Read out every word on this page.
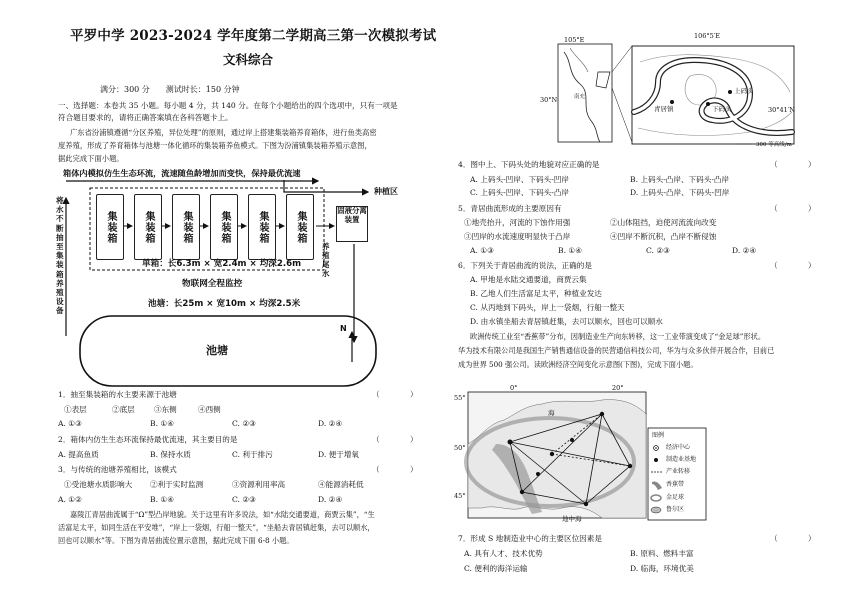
平罗中学 2023-2024 学年度第二学期高三第一次模拟考试
文科综合
满分：300 分　　测试时长：150 分钟
一、选择题：本卷共 35 小题。每小题 4 分，共 140 分。在每个小题给出的四个选项中，只有一项是
符合题目要求的，请将正确答案填在各科答题卡上。
广东省汾浦镇遵循“分区养殖，异位处理”的原则，通过岸上搭建集装箱养育箱体，进行鱼类高密
度养殖，形成了养育箱体与池塘一体化循环的集装箱养鱼模式。下图为汾浦镇集装箱养殖示意图，
据此完成下面小题。
箱体内模拟仿生生态环流，流速随鱼龄增加而变快，保持最优流速
种植区
将水不断抽至集装箱养殖设备
集装箱	集装箱	集装箱	集装箱	集装箱	集装箱	固液分离装置
养殖尾水
单箱：长6.3m × 宽2.4m × 均深2.6m
物联网全程监控
池塘：长25m × 宽10m × 均深2.5米
池塘
N
1．抽至集装箱的水主要来源于池塘	（　　　　）
①表层	②底层	③东侧	④西侧
A. ①③	B. ①④	C. ②③	D. ②④
2．箱体内仿生生态环流保持最优流速，其主要目的是	（　　　　）
A. 提高鱼质	B. 保持水质	C. 利于排污	D. 便于增氧
3．与传统的池塘养殖相比，该模式	（　　　　）
①受池塘水质影响大 ②利于实时监测	③资源利用率高	④能源消耗低
A. ①②	B. ①④	C. ②③	D. ②④
嘉陵江青居曲流属于“Ω”型凸岸地貌。关于这里有许多说法，如“水陆交通要道，商贾云集”，“生
活富足太平，如同生活在平安堆”，“岸上一袋烟，行船一整天”，“坐船去青居镇赶集，去可以顺水，
回也可以顺水”等。下图为青居曲流位置示意图，据此完成下面 6-8 小题。
105°E
30°N
106°5′E
30°41′N
青居镇
上码头
下码头
南充
300 等高线/m
4．图中上、下码头处的地貌对应正确的是	（　　　　）
A. 上码头-凹岸、下码头-凹岸	B. 上码头-凸岸、下码头-凸岸
C. 上码头-凹岸、下码头-凸岸	D. 上码头-凸岸、下码头-凹岸
5．青居曲流形成的主要原因有	（　　　　）
①地壳抬升，河流的下蚀作用强	②山体阻挡，迫使河流流向改变
③凹岸的水流速度明显快于凸岸	④凹岸不断沉积，凸岸不断侵蚀
A. ①③	B. ①④	C. ②③	D. ②④
6．下列关于青居曲流的说法，正确的是	（　　　　）
A. 甲地是水陆交通要道，商贾云集
B. 乙地人们生活富足太平，种植业发达
C. 从丙地到下码头，岸上一袋烟，行船一整天
D. 由水镇坐船去青居镇赶集，去可以顺水，回也可以顺水
欧洲传统工业至“香蕉带”分布，因制造业生产向东转移，这一工业带演变成了“金足球”形状。
华为技术有限公司是我国生产销售通信设备的民营通信科技公司，华为与众多伙伴开展合作，目前已
成为世界 500 强公司。读欧洲经济空间变化示意图(下图)，完成下面小题。
55°
50°
45°
0°	20°
海
地中海
图例
经济中心
制造业基地
产业转移
香蕉带
金足球
鲁尔区
7．形成 S 地制造业中心的主要区位因素是	（　　　　）
A. 具有人才、技术优势	B. 原料、燃料丰富
C. 便利的海洋运输	D. 临海，环境优美
